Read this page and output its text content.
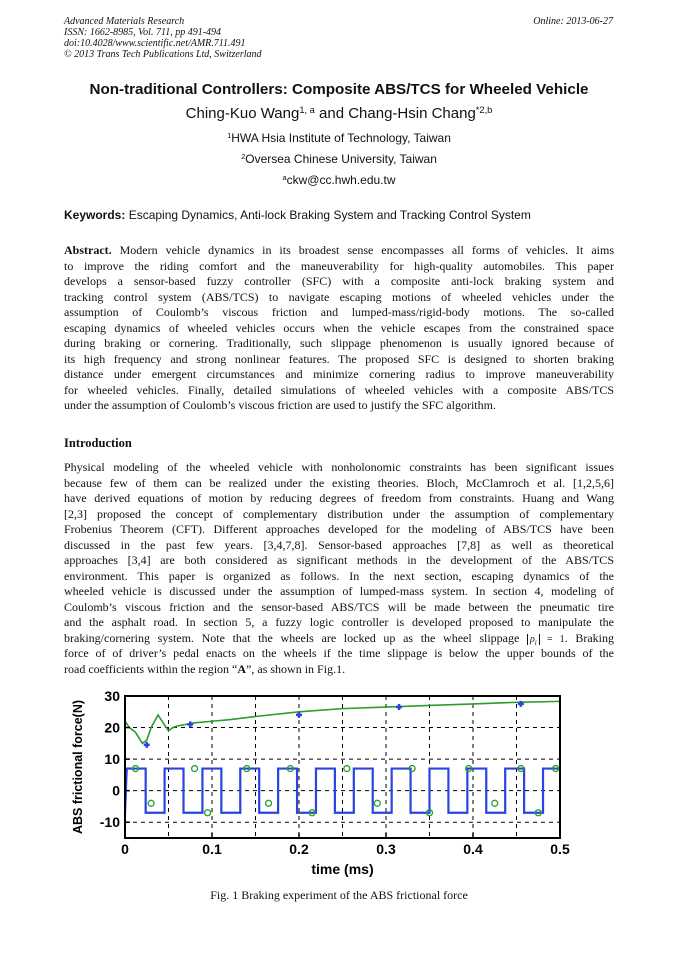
Advanced Materials Research
ISSN: 1662-8985, Vol. 711, pp 491-494
doi:10.4028/www.scientific.net/AMR.711.491
© 2013 Trans Tech Publications Ltd, Switzerland
Online: 2013-06-27
Non-traditional Controllers: Composite ABS/TCS for Wheeled Vehicle
Ching-Kuo Wang$^{1, a}$ and Chang-Hsin Chang$^{*2,b}$
$^1$HWA Hsia Institute of Technology, Taiwan
$^2$Oversea Chinese University, Taiwan
$^a$ckw@cc.hwh.edu.tw
Keywords: Escaping Dynamics, Anti-lock Braking System and Tracking Control System
Abstract. Modern vehicle dynamics in its broadest sense encompasses all forms of vehicles. It aims
to improve the riding comfort and the maneuverability for high-quality automobiles. This paper
develops a sensor-based fuzzy controller (SFC) with a composite anti-lock braking system and
tracking control system (ABS/TCS) to navigate escaping motions of wheeled vehicles under the
assumption of Coulomb’s viscous friction and lumped-mass/rigid-body motions. The so-called
escaping dynamics of wheeled vehicles occurs when the vehicle escapes from the constrained space
during braking or cornering. Traditionally, such slippage phenomenon is usually ignored because of
its high frequency and strong nonlinear features. The proposed SFC is designed to shorten braking
distance under emergent circumstances and minimize cornering radius to improve maneuverability
for wheeled vehicles. Finally, detailed simulations of wheeled vehicles with a composite ABS/TCS
under the assumption of Coulomb’s viscous friction are used to justify the SFC algorithm.
Introduction
Physical modeling of the wheeled vehicle with nonholonomic constraints has been significant issues
because few of them can be realized under the existing theories. Bloch, McClamroch et al. [1,2,5,6]
have derived equations of motion by reducing degrees of freedom from constraints. Huang and Wang
[2,3] proposed the concept of complementary distribution under the assumption of complementary
Frobenius Theorem (CFT). Different approaches developed for the modeling of ABS/TCS have been
discussed in the past few years. [3,4,7,8]. Sensor-based approaches [7,8] as well as theoretical
approaches [3,4] are both considered as significant methods in the development of the ABS/TCS
environment. This paper is organized as follows. In the next section, escaping dynamics of the
wheeled vehicle is discussed under the assumption of lumped-mass system. In section 4, modeling of
Coulomb’s viscous friction and the sensor-based ABS/TCS will be made between the pneumatic tire
and the asphalt road. In section 5, a fuzzy logic controller is developed proposed to manipulate the
braking/cornering system. Note that the wheels are locked up as the wheel slippage $\rho_i = 1$. Braking
force of of driver’s pedal enacts on the wheels if the time slippage is below the upper bounds of the
road coefficients within the region “A”, as shown in Fig.1.
0	0.1	0.2	0.3	0.4	0.5
30
20
10
0
-10
time (ms)
ABS frictional force(N)
Fig. 1 Braking experiment of the ABS frictional force
